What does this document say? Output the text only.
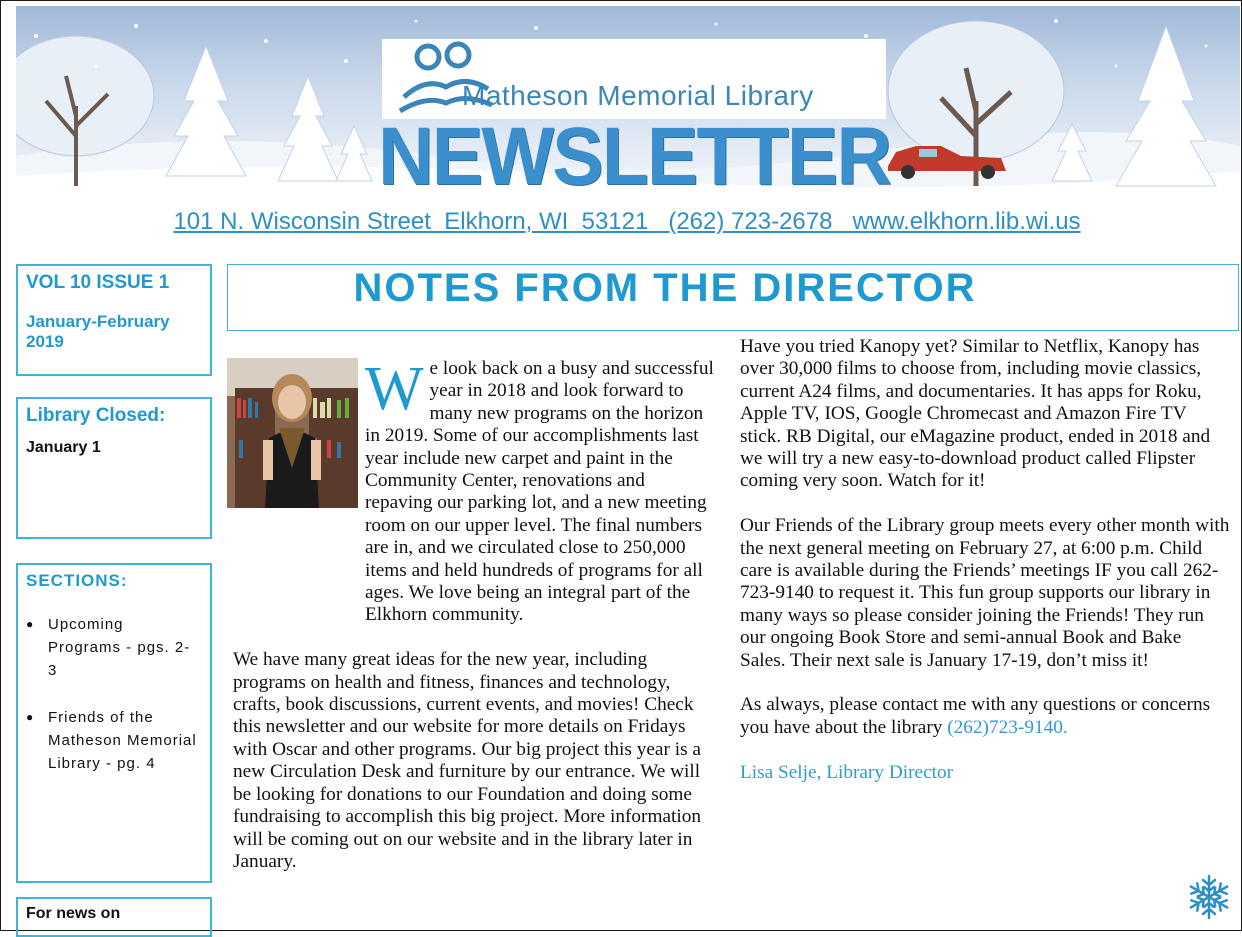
Matheson Memorial Library
NEWSLETTER
101 N. Wisconsin Street  Elkhorn, WI  53121   (262) 723-2678   www.elkhorn.lib.wi.us
VOL 10 ISSUE 1
January-February 2019
Library Closed:
January 1
SECTIONS:
● Upcoming Programs - pgs. 2-3
● Friends of the Matheson Memorial Library - pg. 4
For news on
NOTES FROM THE DIRECTOR
W e look back on a busy and successful year in 2018 and look forward to many new programs on the horizon in 2019. Some of our accomplishments last year include new carpet and paint in the Community Center, renovations and repaving our parking lot, and a new meeting room on our upper level. The final numbers are in, and we circulated close to 250,000 items and held hundreds of programs for all ages. We love being an integral part of the Elkhorn community.

We have many great ideas for the new year, including programs on health and fitness, finances and technology, crafts, book discussions, current events, and movies! Check this newsletter and our website for more details on Fridays with Oscar and other programs. Our big project this year is a new Circulation Desk and furniture by our entrance. We will be looking for donations to our Foundation and doing some fundraising to accomplish this big project. More information will be coming out on our website and in the library later in January.

Have you tried Kanopy yet? Similar to Netflix, Kanopy has over 30,000 films to choose from, including movie classics, current A24 films, and documentaries. It has apps for Roku, Apple TV, IOS, Google Chromecast and Amazon Fire TV stick. RB Digital, our eMagazine product, ended in 2018 and we will try a new easy-to-download product called Flipster coming very soon. Watch for it!

Our Friends of the Library group meets every other month with the next general meeting on February 27, at 6:00 p.m. Child care is available during the Friends’ meetings IF you call 262-723-9140 to request it. This fun group supports our library in many ways so please consider joining the Friends! They run our ongoing Book Store and semi-annual Book and Bake Sales. Their next sale is January 17-19, don’t miss it!

As always, please contact me with any questions or concerns you have about the library (262)723-9140.

Lisa Selje, Library Director
